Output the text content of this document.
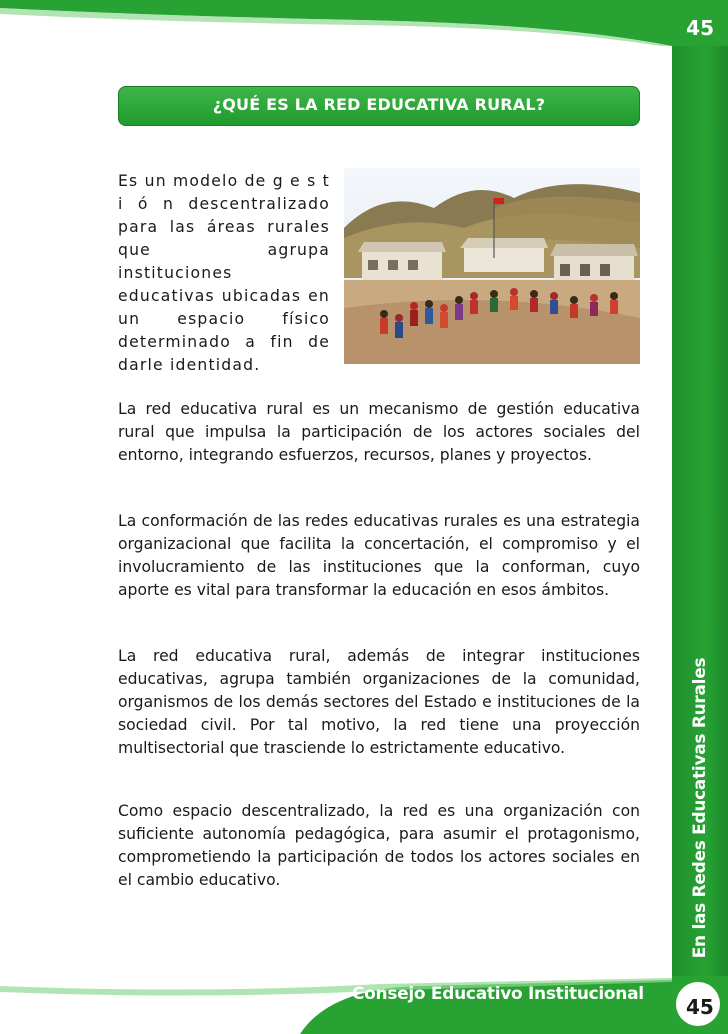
45
En las Redes Educativas Rurales
¿QUÉ ES LA RED EDUCATIVA RURAL?

Es un modelo de g e s t i ó n descentralizado para las áreas rurales que agrupa instituciones educativas ubicadas en un espacio físico determinado a fin de darle identidad.

La red educativa rural es un mecanismo de gestión educativa rural que impulsa la participación de los actores sociales del entorno, integrando esfuerzos, recursos, planes y proyectos.

La conformación de las redes educativas rurales es una estrategia organizacional que facilita la concertación, el compromiso y el involucramiento de las instituciones que la conforman, cuyo aporte es vital para transformar la educación en esos ámbitos.

La red educativa rural, además de integrar instituciones educativas, agrupa también organizaciones de la comunidad, organismos de los demás sectores del Estado e instituciones de la sociedad civil. Por tal motivo, la red tiene una proyección multisectorial que trasciende lo estrictamente educativo.

Como espacio descentralizado, la red es una organización con suficiente autonomía pedagógica, para asumir el protagonismo, comprometiendo la participación de todos los actores sociales en el cambio educativo.

Consejo Educativo Institucional
45
